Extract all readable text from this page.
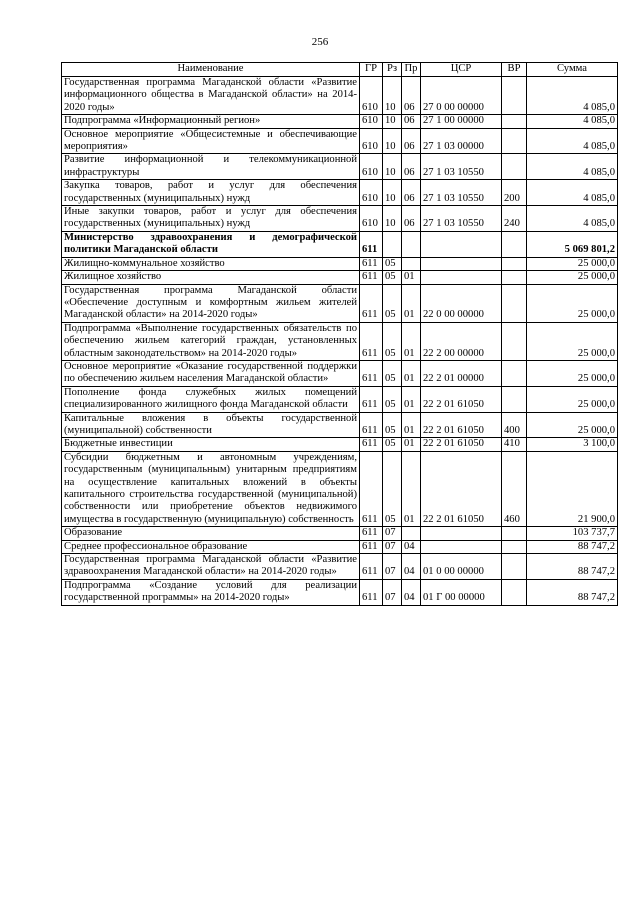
256
Наименование	ГР	Рз	Пр	ЦСР	ВР	Сумма
Государственная программа Магаданской области «Развитие информационного общества в Магаданской области» на 2014-2020 годы»	610	10	06	27 0 00 00000		4 085,0
Подпрограмма «Информационный регион»	610	10	06	27 1 00 00000		4 085,0
Основное мероприятие «Общесистемные и обеспечивающие мероприятия»	610	10	06	27 1 03 00000		4 085,0
Развитие информационной и телекоммуникационной инфраструктуры	610	10	06	27 1 03 10550		4 085,0
Закупка товаров, работ и услуг для обеспечения государственных (муниципальных) нужд	610	10	06	27 1 03 10550	200	4 085,0
Иные закупки товаров, работ и услуг для обеспечения государственных (муниципальных) нужд	610	10	06	27 1 03 10550	240	4 085,0
Министерство здравоохранения и демографической политики Магаданской области	611					5 069 801,2
Жилищно-коммунальное хозяйство	611	05				25 000,0
Жилищное хозяйство	611	05	01			25 000,0
Государственная программа Магаданской области «Обеспечение доступным и комфортным жильем жителей Магаданской области» на 2014-2020 годы»	611	05	01	22 0 00 00000		25 000,0
Подпрограмма «Выполнение государственных обязательств по обеспечению жильем категорий граждан, установленных областным законодательством» на 2014-2020 годы»	611	05	01	22 2 00 00000		25 000,0
Основное мероприятие «Оказание государственной поддержки по обеспечению жильем населения Магаданской области»	611	05	01	22 2 01 00000		25 000,0
Пополнение фонда служебных жилых помещений специализированного жилищного фонда Магаданской области	611	05	01	22 2 01 61050		25 000,0
Капитальные вложения в объекты государственной (муниципальной) собственности	611	05	01	22 2 01 61050	400	25 000,0
Бюджетные инвестиции	611	05	01	22 2 01 61050	410	3 100,0
Субсидии бюджетным и автономным учреждениям, государственным (муниципальным) унитарным предприятиям на осуществление капитальных вложений в объекты капитального строительства государственной (муниципальной) собственности или приобретение объектов недвижимого имущества в государственную (муниципальную) собственность	611	05	01	22 2 01 61050	460	21 900,0
Образование	611	07				103 737,7
Среднее профессиональное образование	611	07	04			88 747,2
Государственная программа Магаданской области «Развитие здравоохранения Магаданской области» на 2014-2020 годы»	611	07	04	01 0 00 00000		88 747,2
Подпрограмма «Создание условий для реализации государственной программы» на 2014-2020 годы»	611	07	04	01 Г 00 00000		88 747,2
